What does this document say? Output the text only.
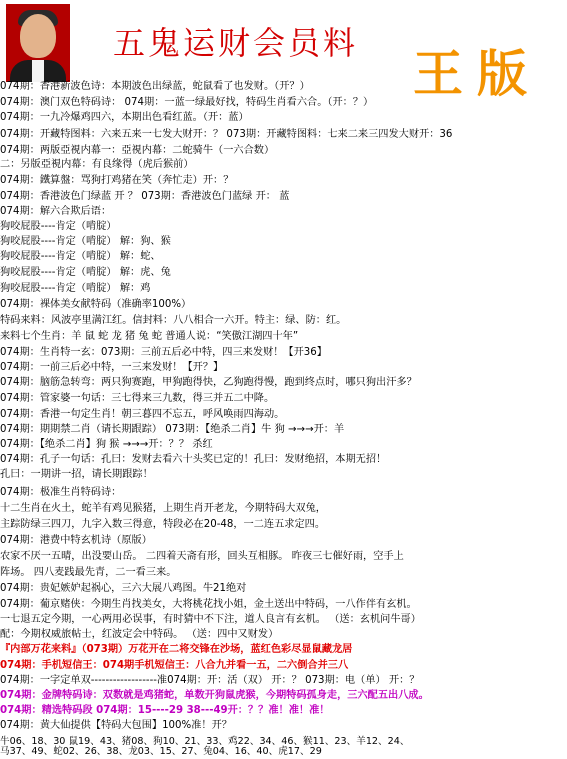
五鬼运财会员料
王版
074期：香港新波色诗：本期波色出绿蓝，蛇鼠看了也发财。（开？）
074期：澳门双色特码诗： 074期：一蓝一绿最好找，特码生肖看六合。（开：？）
074期：一九冷爆鸡四六，本期出色看红蓝。（开：蓝）
074期：开藏特图料：六来五来一七发大财开：？ 073期：开藏特图料：七来二来三四发大财开：36
074期：两版亞視内幕一：亞視内幕：二蛇骑牛（一六合数）
二：另版亞視内幕：有良缘得（虎后猴前）
074期：鐵算盤：骂狗打鸡猪在笑（奔忙走）开：？
074期：香港波色门绿蓝 开 ？ 073期：香港波色门蓝绿 开： 蓝
074期：解六合欺后语：
狗咬屁股----肯定（啃腚）
狗咬屁股----肯定（啃腚） 解：狗、猴
狗咬屁股----肯定（啃腚） 解：蛇、
狗咬屁股----肯定（啃腚） 解：虎、兔
狗咬屁股----肯定（啃腚） 解：鸡
074期：裸体美女献特码（准确率100%）
特码来料：风波亭里满江红。信封料：八八相合一六开。特主：绿、防：红。
来料七个生肖：羊 鼠 蛇 龙 猪 兔 蛇 普通人说：“笑傲江湖四十年”
074期：生肖特一玄：073期：三前五后必中特，四三来发财！【开36】
074期：一前三后必中特，一三来发财！【开？】
074期：脑筋急转弯：两只狗赛跑，甲狗跑得快，乙狗跑得慢，跑到终点时，哪只狗出汗多？
074期：管家婆一句话：三七得来三九数，得三并五二中降。
074期：香港一句定生肖！朝三暮四不忘五，呼风唤雨四海动。
074期：期期禁二肖（请长期跟踪） 073期：【绝杀二肖】牛 狗 →→→开：羊
074期：【绝杀二肖】狗 猴 →→→开：？？ 杀红
074期：孔子一句话：孔曰：发财去看六十头奖已定的！孔曰：发财绝招，本期无招！
孔曰：一期讲一招，请长期跟踪！
074期：极准生肖特码诗：
十二生肖在火土，蛇羊有鸡见猴猪，上期生肖开老龙，今期特码大双兔，
主踪防绿三四刀，九字入数三得意，特段必在20-48，一二连五求定四。
074期：港费中特玄机诗（原版）
农家不厌一五晴，出没要山岳。 二四着天斋有形，回头互相豚。 昨夜三七催好雨，空手上
阵场。 四八麦践最先青，二一看三来。
074期：贵妃嫉妒起祸心，三六大展八鸡图。牛21绝对
074期：葡京赌侠：今期生肖找美女，大将桃花找小姐，金土送出中特码，一八作伴有玄机。
一七退五定今期，一心两用必误事，有时猜中不下注，道人良言有玄机。 （送：玄机问牛哥）
配：今期权威旅帖士，红波定会中特码。 （送：四中又财发）
『内部万花来料』（073期）万花开在二将交锋在沙场，蓝红色彩尽显鼠藏龙居
074期：手机短信王：074期手机短信王：八合九并看一五，二六倒合并三八
074期：一字定单双------------------准074期：开：活（双） 开：？ 073期：电（单） 开：？
074期：金牌特码诗：双数就是鸡猪蛇，单数开狗鼠虎猴，今期特码孤身走，三六配五出八成。
074期：精选特码段 074期：15----29 38---49开：？？准！准！准！
074期：黄大仙提供【特码大包围】100%准！开？
牛06、18、30 鼠19、43、猪08、狗10、21、33、鸡22、34、46、猴11、23、羊12、24、
马37、49、蛇02、26、38、龙03、15、27、兔04、16、40、虎17、29
